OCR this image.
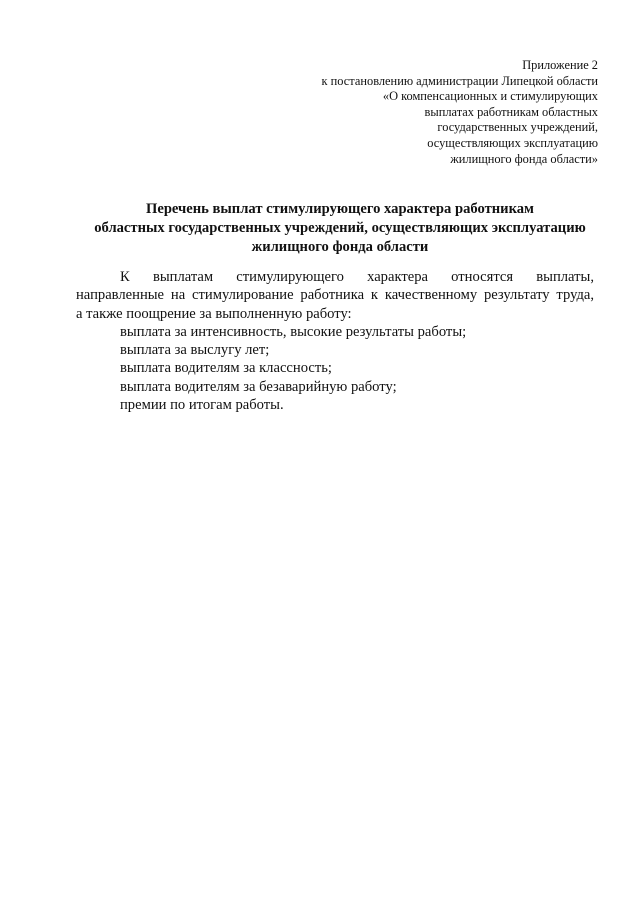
Приложение 2
к постановлению администрации Липецкой области
«О компенсационных и стимулирующих
выплатах работникам областных
государственных учреждений,
осуществляющих эксплуатацию
жилищного фонда области»
Перечень выплат стимулирующего характера работникам
областных государственных учреждений, осуществляющих эксплуатацию
жилищного фонда области
К выплатам стимулирующего характера относятся выплаты,
направленные на стимулирование работника к качественному результату труда,
а также поощрение за выполненную работу:
выплата за интенсивность, высокие результаты работы;
выплата за выслугу лет;
выплата водителям за классность;
выплата водителям за безаварийную работу;
премии по итогам работы.
